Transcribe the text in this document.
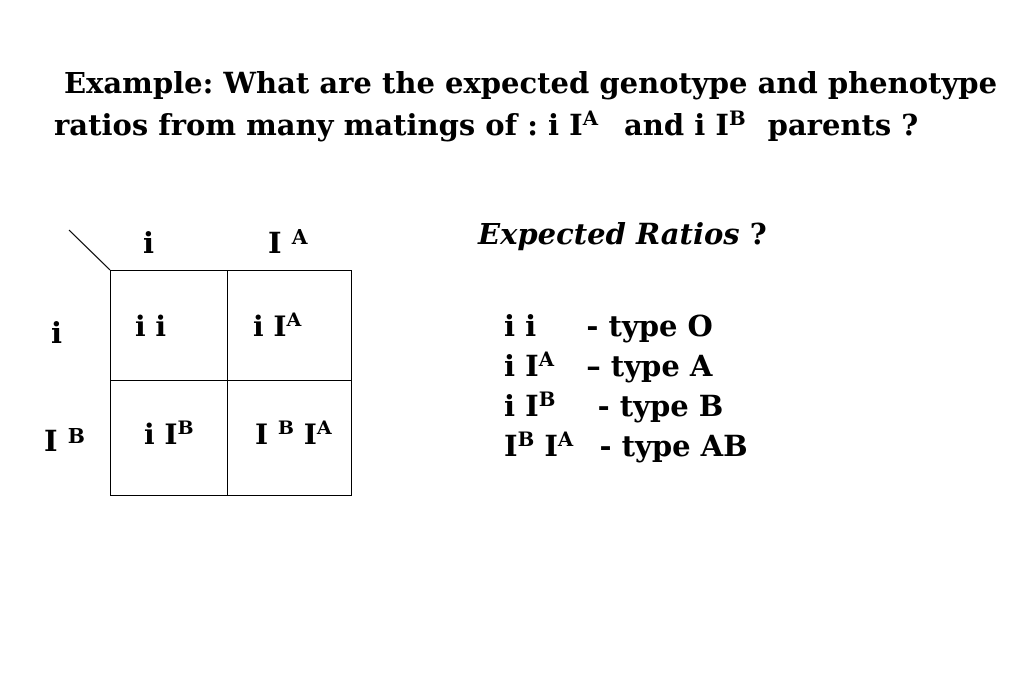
Example: What are the expected genotype and phenotype
ratios from many matings of : i $I^A$ and i $I^B$ parents ?
i	I $^A$
i
I $^B$
i i	i $I^A$
i $I^B$ I $^B$ $I^A$
Expected Ratios ?
i i - type O
i $I^A$ – type A
i $I^B$ - type B
$I^B$ $I^A$ - type AB
